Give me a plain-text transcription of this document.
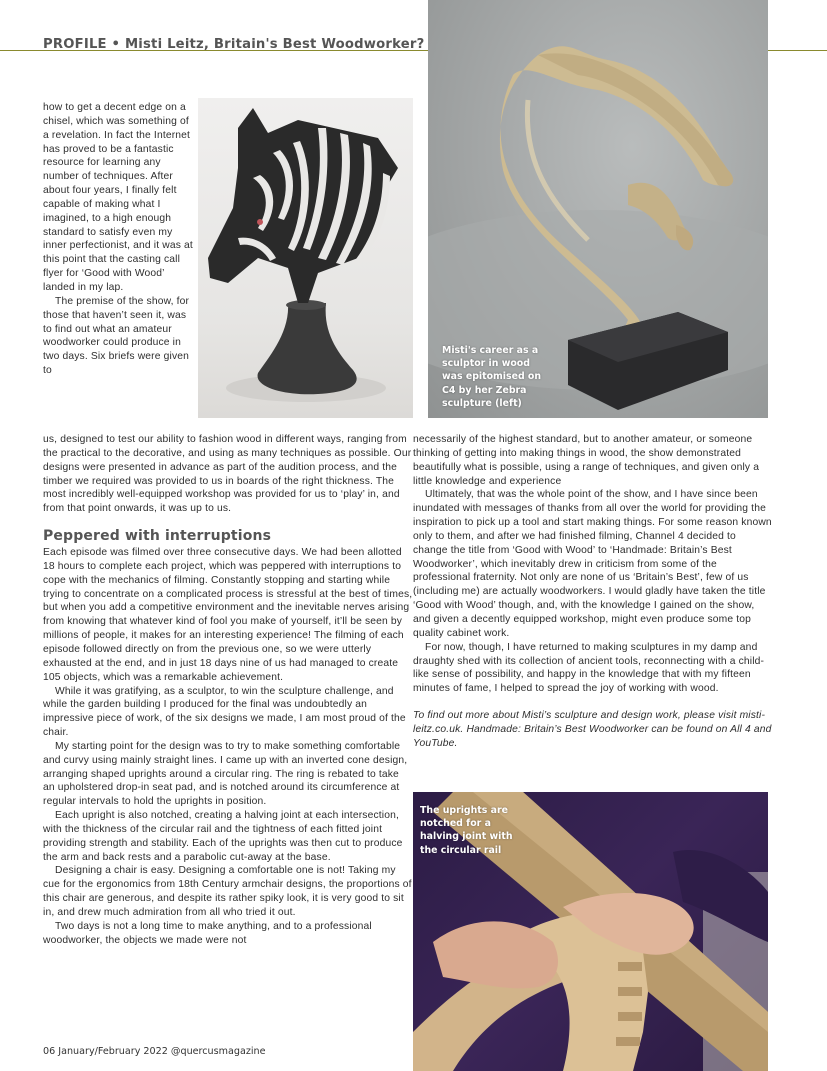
PROFILE • Misti Leitz, Britain's Best Woodworker?
Misti's career as a sculptor in wood was epitomised on C4 by her Zebra sculpture (left)

how to get a decent edge on a chisel, which was something of a revelation. In fact the Internet has proved to be a fantastic resource for learning any number of techniques. After about four years, I finally felt capable of making what I imagined, to a high enough standard to satisfy even my inner perfectionist, and it was at this point that the casting call flyer for ‘Good with Wood’ landed in my lap.

The premise of the show, for those that haven’t seen it, was to find out what an amateur woodworker could produce in two days. Six briefs were given to

us, designed to test our ability to fashion wood in different ways, ranging from the practical to the decorative, and using as many techniques as possible. Our designs were presented in advance as part of the audition process, and the timber we required was provided to us in boards of the right thickness. The most incredibly well-equipped workshop was provided for us to ‘play’ in, and from that point onwards, it was up to us.

Peppered with interruptions

Each episode was filmed over three consecutive days. We had been allotted 18 hours to complete each project, which was peppered with interruptions to cope with the mechanics of filming. Constantly stopping and starting while trying to concentrate on a complicated process is stressful at the best of times, but when you add a competitive environment and the inevitable nerves arising from knowing that whatever kind of fool you make of yourself, it’ll be seen by millions of people, it makes for an interesting experience! The filming of each episode followed directly on from the previous one, so we were utterly exhausted at the end, and in just 18 days nine of us had managed to create 105 objects, which was a remarkable achievement.

While it was gratifying, as a sculptor, to win the sculpture challenge, and while the garden building I produced for the final was undoubtedly an impressive piece of work, of the six designs we made, I am most proud of the chair.

My starting point for the design was to try to make something comfortable and curvy using mainly straight lines. I came up with an inverted cone design, arranging shaped uprights around a circular ring. The ring is rebated to take an upholstered drop-in seat pad, and is notched around its circumference at regular intervals to hold the uprights in position.

Each upright is also notched, creating a halving joint at each intersection, with the thickness of the circular rail and the tightness of each fitted joint providing strength and stability. Each of the uprights was then cut to produce the arm and back rests and a parabolic cut-away at the base.

Designing a chair is easy. Designing a comfortable one is not! Taking my cue for the ergonomics from 18th Century armchair designs, the proportions of this chair are generous, and despite its rather spiky look, it is very good to sit in, and drew much admiration from all who tried it out.

Two days is not a long time to make anything, and to a professional woodworker, the objects we made were not

necessarily of the highest standard, but to another amateur, or someone thinking of getting into making things in wood, the show demonstrated beautifully what is possible, using a range of techniques, and given only a little knowledge and experience

Ultimately, that was the whole point of the show, and I have since been inundated with messages of thanks from all over the world for providing the inspiration to pick up a tool and start making things. For some reason known only to them, and after we had finished filming, Channel 4 decided to change the title from ‘Good with Wood’ to ‘Handmade: Britain’s Best Woodworker’, which inevitably drew in criticism from some of the professional fraternity. Not only are none of us ‘Britain’s Best’, few of us (including me) are actually woodworkers. I would gladly have taken the title ‘Good with Wood’ though, and, with the knowledge I gained on the show, and given a decently equipped workshop, might even produce some top quality cabinet work.

For now, though, I have returned to making sculptures in my damp and draughty shed with its collection of ancient tools, reconnecting with a child-like sense of possibility, and happy in the knowledge that with my fifteen minutes of fame, I helped to spread the joy of working with wood.

To find out more about Misti’s sculpture and design work, please visit misti-leitz.co.uk. Handmade: Britain’s Best Woodworker can be found on All 4 and YouTube.

The uprights are notched for a halving joint with the circular rail
06 January/February 2022 @quercusmagazine
